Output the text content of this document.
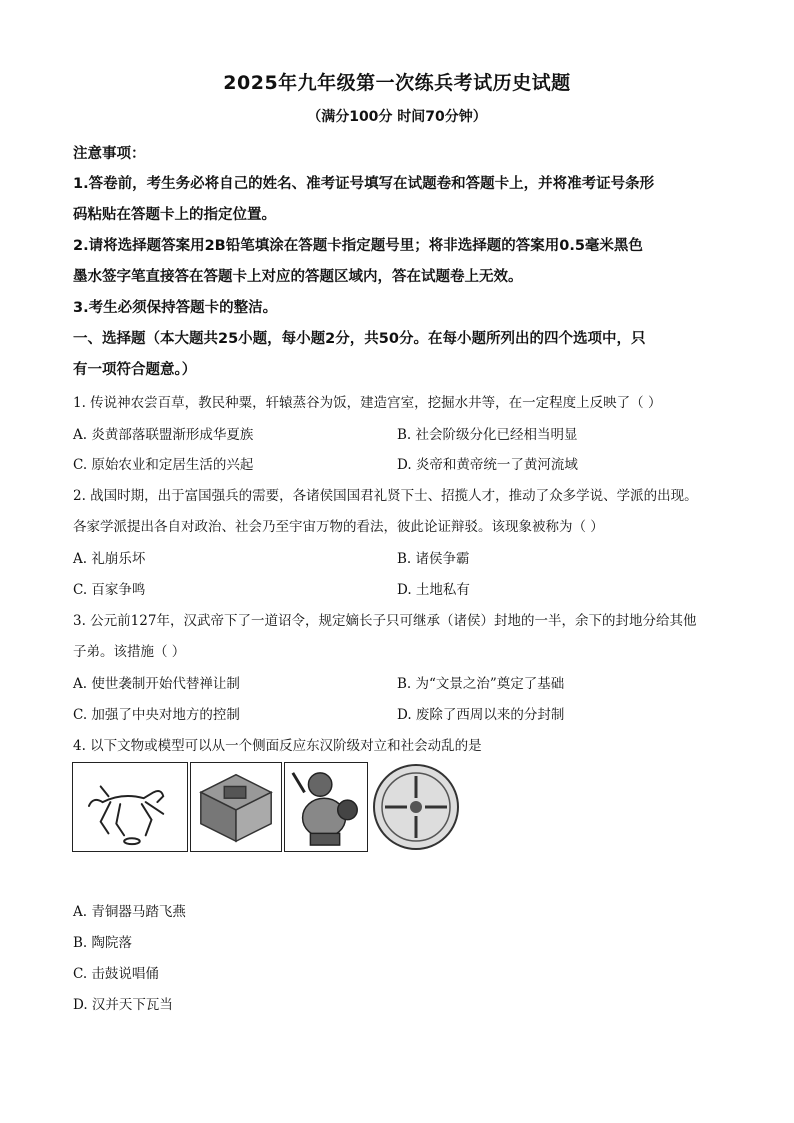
2025年九年级第一次练兵考试历史试题
（满分100分 时间70分钟）
注意事项：
1.答卷前，考生务必将自己的姓名、准考证号填写在试题卷和答题卡上，并将准考证号条形
码粘贴在答题卡上的指定位置。
2.请将选择题答案用2B铅笔填涂在答题卡指定题号里；将非选择题的答案用0.5毫米黑色
墨水签字笔直接答在答题卡上对应的答题区域内，答在试题卷上无效。
3.考生必须保持答题卡的整洁。
一、选择题（本大题共25小题，每小题2分，共50分。在每小题所列出的四个选项中，只
有一项符合题意。）
1. 传说神农尝百草，教民种粟，轩辕蒸谷为饭，建造宫室，挖掘水井等，在一定程度上反映了（ ）
A. 炎黄部落联盟渐形成华夏族	B. 社会阶级分化已经相当明显
C. 原始农业和定居生活的兴起	D. 炎帝和黄帝统一了黄河流域
2. 战国时期，出于富国强兵的需要，各诸侯国国君礼贤下士、招揽人才，推动了众多学说、学派的出现。
各家学派提出各自对政治、社会乃至宇宙万物的看法，彼此论证辩驳。该现象被称为（ ）
A. 礼崩乐坏	B. 诸侯争霸
C. 百家争鸣	D. 土地私有
3. 公元前127年，汉武帝下了一道诏令，规定嫡长子只可继承（诸侯）封地的一半，余下的封地分给其他
子弟。该措施（ ）
A. 使世袭制开始代替禅让制	B. 为“文景之治”奠定了基础
C. 加强了中央对地方的控制	D. 废除了西周以来的分封制
4. 以下文物或模型可以从一个侧面反应东汉阶级对立和社会动乱的是
A. 青铜器马踏飞燕
B. 陶院落
C. 击鼓说唱俑
D. 汉并天下瓦当
